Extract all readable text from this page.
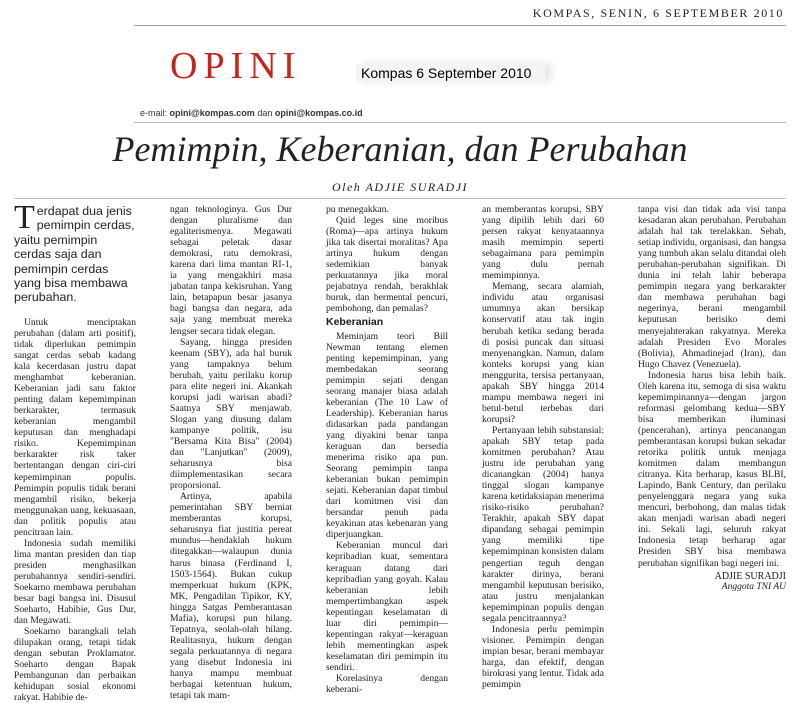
KOMPAS, SENIN, 6 SEPTEMBER 2010
OPINI	Kompas 6 September 2010
e-mail: opini@kompas.com dan opini@kompas.co.id
Pemimpin, Keberanian, dan Perubahan
Oleh ADJIE SURADJI
Terdapat dua jenis pemimpin cerdas, yaitu pemimpin cerdas saja dan pemimpin cerdas yang bisa membawa perubahan.

Untuk menciptakan perubahan (dalam arti positif), tidak diperlukan pemimpin sangat cerdas sebab kadang kala kecerdasan justru dapat menghambat keberanian. Keberanian jadi satu faktor penting dalam kepemimpinan berkarakter, termasuk keberanian mengambil keputusan dan menghadapi risiko. Kepemimpinan berkarakter risk taker bertentangan dengan ciri-ciri kepemimpinan populis. Pemimpin populis tidak berani mengambil risiko, bekerja menggunakan uang, kekuasaan, dan politik populis atau pencitraan lain.

Indonesia sudah memiliki lima mantan presiden dan tiap presiden menghasilkan perubahannya sendiri-sendiri. Soekarno membawa perubahan besar bagi bangsa ini. Disusul Soeharto, Habibie, Gus Dur, dan Megawati.

Soekarno barangkali telah dilupakan orang, tetapi tidak dengan sebutan Proklamator. Soeharto dengan Bapak Pembangunan dan perbaikan kehidupan sosial ekonomi rakyat. Habibie de-

ngan teknologinya. Gus Dur dengan pluralisme dan egaliterismenya. Megawati sebagai peletak dasar demokrasi, ratu demokrasi, karena dari lima mantan RI-1, ia yang mengakhiri masa jabatan tanpa kekisruhan. Yang lain, betapapun besar jasanya bagi bangsa dan negara, ada saja yang membuat mereka lengser secara tidak elegan.

Sayang, hingga presiden keenam (SBY), ada hal buruk yang tampaknya belum berubah, yaitu perilaku korup para elite negeri ini. Akankah korupsi jadi warisan abadi? Saatnya SBY menjawab. Slogan yang diusung dalam kampanye politik, isu "Bersama Kita Bisa" (2004) dan "Lanjutkan" (2009), seharusnya bisa diimplementasikan secara proporsional.

Artinya, apabila pemerintahan SBY berniat memberantas korupsi, seharusnya fiat justitia pereat mundus—hendaklah hukum ditegakkan—walaupun dunia harus binasa (Ferdinand I, 1503-1564). Bukan cukup memperkuat hukum (KPK, MK, Pengadilan Tipikor, KY, hingga Satgas Pemberantasan Mafia), korupsi pun hilang. Tepatnya, seolah-olah hilang. Realitasnya, hukum dengan segala perkuatannya di negara yang disebut Indonesia ini hanya mampu membuat berbagai ketentuan hukum, tetapi tak mam-

pu menegakkan.

Quid leges sine moribus (Roma)—apa artinya hukum jika tak disertai moralitas? Apa artinya hukum dengan sedemikian banyak perkuatannya jika moral pejabatnya rendah, berakhlak buruk, dan bermental pencuri, pembohong, dan pemalas?

Keberanian

Meminjam teori Bill Newman tentang elemen penting kepemimpinan, yang membedakan seorang pemimpin sejati dengan seorang manajer biasa adalah keberanian (The 10 Law of Leadership). Keberanian harus didasarkan pada pandangan yang diyakini benar tanpa keraguan dan bersedia menerima risiko apa pun. Seorang pemimpin tanpa keberanian bukan pemimpin sejati. Keberanian dapat timbul dari komitmen visi dan bersandar penuh pada keyakinan atas kebenaran yang diperjuangkan.

Keberanian muncul dari kepribadian kuat, sementara keraguan datang dari kepribadian yang goyah. Kalau keberanian lebih mempertimbangkan aspek kepentingan keselamatan di luar diri pemimpin—kepentingan rakyat—keraguan lebih mementingkan aspek keselamatan diri pemimpin itu sendiri.

Korelasinya dengan keberani-

an memberantas korupsi, SBY yang dipilih lebih dari 60 persen rakyat kenyataannya masih memimpin seperti sebagaimana para pemimpin yang dulu pernah memimpinnya.

Memang, secara alamiah, individu atau organisasi umumnya akan bersikap konservatif atau tak ingin berubah ketika sedang berada di posisi puncak dan situasi menyenangkan. Namun, dalam konteks korupsi yang kian menggurita, tersisa pertanyaan, apakah SBY hingga 2014 mampu membawa negeri ini betul-betul terbebas dari korupsi?

Pertanyaan lebih substansial: apakah SBY tetap pada komitmen perubahan? Atau justru ide perubahan yang dicanangkan (2004) hanya tinggal slogan kampanye karena ketidaksiapan menerima risiko-risiko perubahan? Terakhir, apakah SBY dapat dipandang sebagai pemimpin yang memiliki tipe kepemimpinan konsisten dalam pengertian teguh dengan karakter dirinya, berani mengambil keputusan berisiko, atau justru menjalankan kepemimpinan populis dengan segala pencitraannya?

Indonesia perlu pemimpin visioner. Pemimpin dengan impian besar, berani membayar harga, dan efektif, dengan birokrasi yang lentur. Tidak ada pemimpin

tanpa visi dan tidak ada visi tanpa kesadaran akan perubahan. Perubahan adalah hal tak terelakkan. Sebab, setiap individu, organisasi, dan bangsa yang tumbuh akan selalu ditandai oleh perubahan-perubahan signifikan. Di dunia ini telah lahir beberapa pemimpin negara yang berkarakter dan membawa perubahan bagi negerinya, berani mengambil keputusan berisiko demi menyejahterakan rakyatnya. Mereka adalah Presiden Evo Morales (Bolivia), Ahmadinejad (Iran), dan Hugo Chavez (Venezuela).

Indonesia harus bisa lebih baik. Oleh karena itu, semoga di sisa waktu kepemimpinannya—dengan jargon reformasi gelombang kedua—SBY bisa memberikan iluminasi (pencerahan), artinya pencanangan pemberantasan korupsi bukan sekadar retorika politik untuk menjaga komitmen dalam membangun citranya. Kita berharap, kasus BLBI, Lapindo, Bank Century, dan perilaku penyelenggara negara yang suka mencuri, berbohong, dan malas tidak akan menjadi warisan abadi negeri ini. Sekali lagi, seluruh rakyat Indonesia tetap berharap agar Presiden SBY bisa membawa perubahan signifikan bagi negeri ini.

ADJIE SURADJI
Anggota TNI AU
